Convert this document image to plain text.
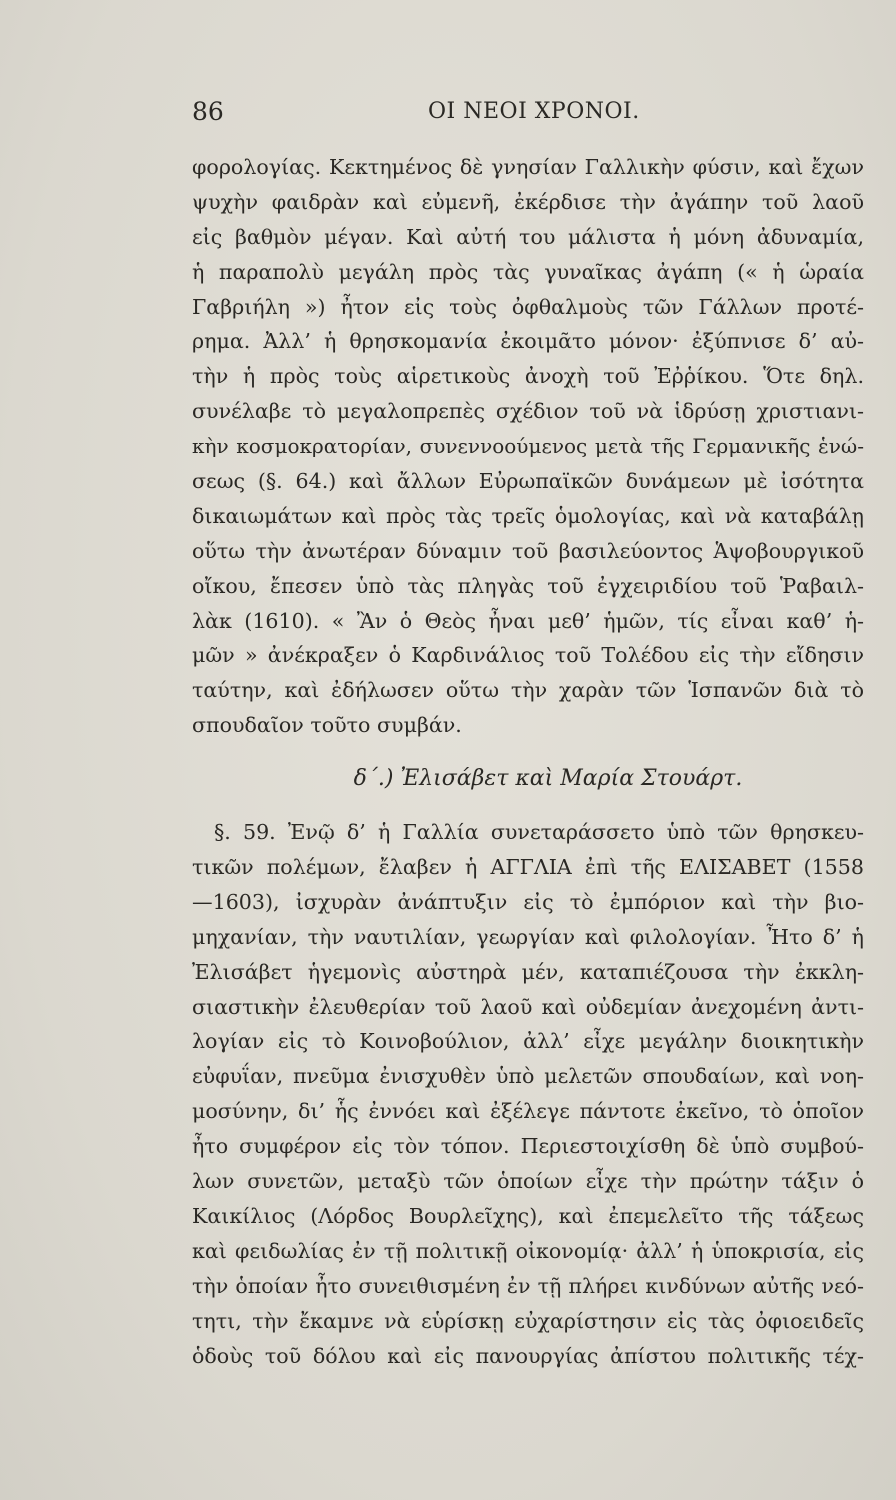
86	ΟΙ ΝΕΟΙ ΧΡΟΝΟΙ.
φορολογίας. Κεκτημένος δὲ γνησίαν Γαλλικὴν φύσιν, καὶ ἔχων
ψυχὴν φαιδρὰν καὶ εὐμενῆ, ἐκέρδισε τὴν ἀγάπην τοῦ λαοῦ
εἰς βαθμὸν μέγαν. Καὶ αὐτή του μάλιστα ἡ μόνη ἀδυναμία,
ἡ παραπολὺ μεγάλη πρὸς τὰς γυναῖκας ἀγάπη (« ἡ ὡραία
Γαβριήλη ») ἦτον εἰς τοὺς ὀφθαλμοὺς τῶν Γάλλων προτέ-
ρημα. Ἀλλ’ ἡ θρησκομανία ἐκοιμᾶτο μόνον· ἐξύπνισε δ’ αὐ-
τὴν ἡ πρὸς τοὺς αἱρετικοὺς ἀνοχὴ τοῦ Ἐῤῥίκου. Ὅτε δηλ.
συνέλαβε τὸ μεγαλοπρεπὲς σχέδιον τοῦ νὰ ἱδρύσῃ χριστιανι-
κὴν κοσμοκρατορίαν, συνεννοούμενος μετὰ τῆς Γερμανικῆς ἑνώ-
σεως (§. 64.) καὶ ἄλλων Εὐρωπαϊκῶν δυνάμεων μὲ ἰσότητα
δικαιωμάτων καὶ πρὸς τὰς τρεῖς ὁμολογίας, καὶ νὰ καταβάλῃ
οὕτω τὴν ἀνωτέραν δύναμιν τοῦ βασιλεύοντος Ἁψοβουργικοῦ
οἴκου, ἔπεσεν ὑπὸ τὰς πληγὰς τοῦ ἐγχειριδίου τοῦ Ῥαβαιλ-
λὰκ (1610). « Ἂν ὁ Θεὸς ἦναι μεθ’ ἡμῶν, τίς εἶναι καθ’ ἡ-
μῶν » ἀνέκραξεν ὁ Καρδινάλιος τοῦ Τολέδου εἰς τὴν εἴδησιν
ταύτην, καὶ ἐδήλωσεν οὕτω τὴν χαρὰν τῶν Ἱσπανῶν διὰ τὸ
σπουδαῖον τοῦτο συμβάν.
δ΄.) Ἐλισάβετ καὶ Μαρία Στουάρτ.
§. 59. Ἐνῷ δ’ ἡ Γαλλία συνεταράσσετο ὑπὸ τῶν θρησκευ-
τικῶν πολέμων, ἔλαβεν ἡ ΑΓΓΛΙΑ ἐπὶ τῆς ΕΛΙΣΑΒΕΤ (1558
—1603), ἰσχυρὰν ἀνάπτυξιν εἰς τὸ ἐμπόριον καὶ τὴν βιο-
μηχανίαν, τὴν ναυτιλίαν, γεωργίαν καὶ φιλολογίαν. Ἦτο δ’ ἡ
Ἐλισάβετ ἡγεμονὶς αὐστηρὰ μέν, καταπιέζουσα τὴν ἐκκλη-
σιαστικὴν ἐλευθερίαν τοῦ λαοῦ καὶ οὐδεμίαν ἀνεχομένη ἀντι-
λογίαν εἰς τὸ Κοινοβούλιον, ἀλλ’ εἶχε μεγάλην διοικητικὴν
εὐφυΐαν, πνεῦμα ἐνισχυθὲν ὑπὸ μελετῶν σπουδαίων, καὶ νοη-
μοσύνην, δι’ ἧς ἐννόει καὶ ἐξέλεγε πάντοτε ἐκεῖνο, τὸ ὁποῖον
ἦτο συμφέρον εἰς τὸν τόπον. Περιεστοιχίσθη δὲ ὑπὸ συμβού-
λων συνετῶν, μεταξὺ τῶν ὁποίων εἶχε τὴν πρώτην τάξιν ὁ
Καικίλιος (Λόρδος Βουρλεῖχης), καὶ ἐπεμελεῖτο τῆς τάξεως
καὶ φειδωλίας ἐν τῇ πολιτικῇ οἰκονομίᾳ· ἀλλ’ ἡ ὑποκρισία, εἰς
τὴν ὁποίαν ἦτο συνειθισμένη ἐν τῇ πλήρει κινδύνων αὐτῆς νεό-
τητι, τὴν ἔκαμνε νὰ εὑρίσκῃ εὐχαρίστησιν εἰς τὰς ὀφιοειδεῖς
ὁδοὺς τοῦ δόλου καὶ εἰς πανουργίας ἀπίστου πολιτικῆς τέχ-
